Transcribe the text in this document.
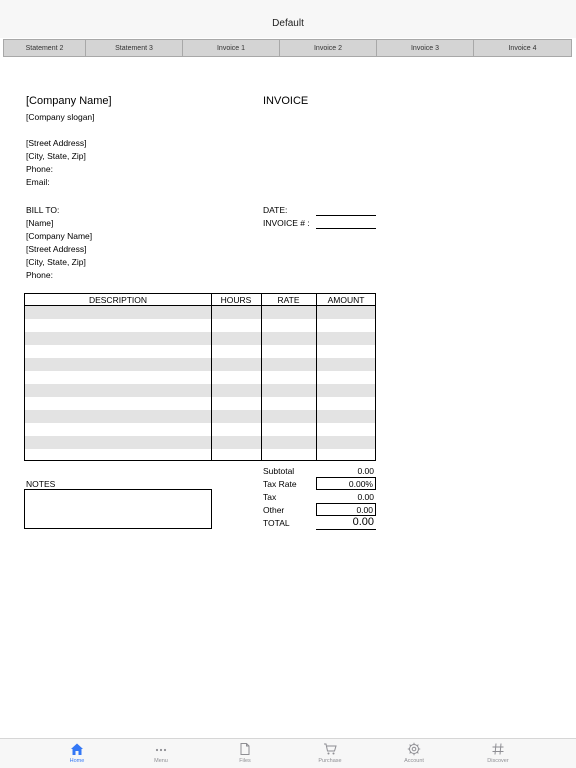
Default
Statement 2	Statement 3	Invoice 1	Invoice 2	Invoice 3	Invoice 4
[Company Name]
[Company slogan]
INVOICE
[Street Address]
[City, State, Zip]
Phone:
Email:
BILL TO:
[Name]
[Company Name]
[Street Address]
[City, State, Zip]
Phone:
DATE:
INVOICE # :
DESCRIPTION	HOURS	RATE	AMOUNT
NOTES
Subtotal	0.00
Tax Rate	0.00%
Tax	0.00
Other	0.00
TOTAL	0.00
Home	Menu	Files	Purchase	Account	Discover
